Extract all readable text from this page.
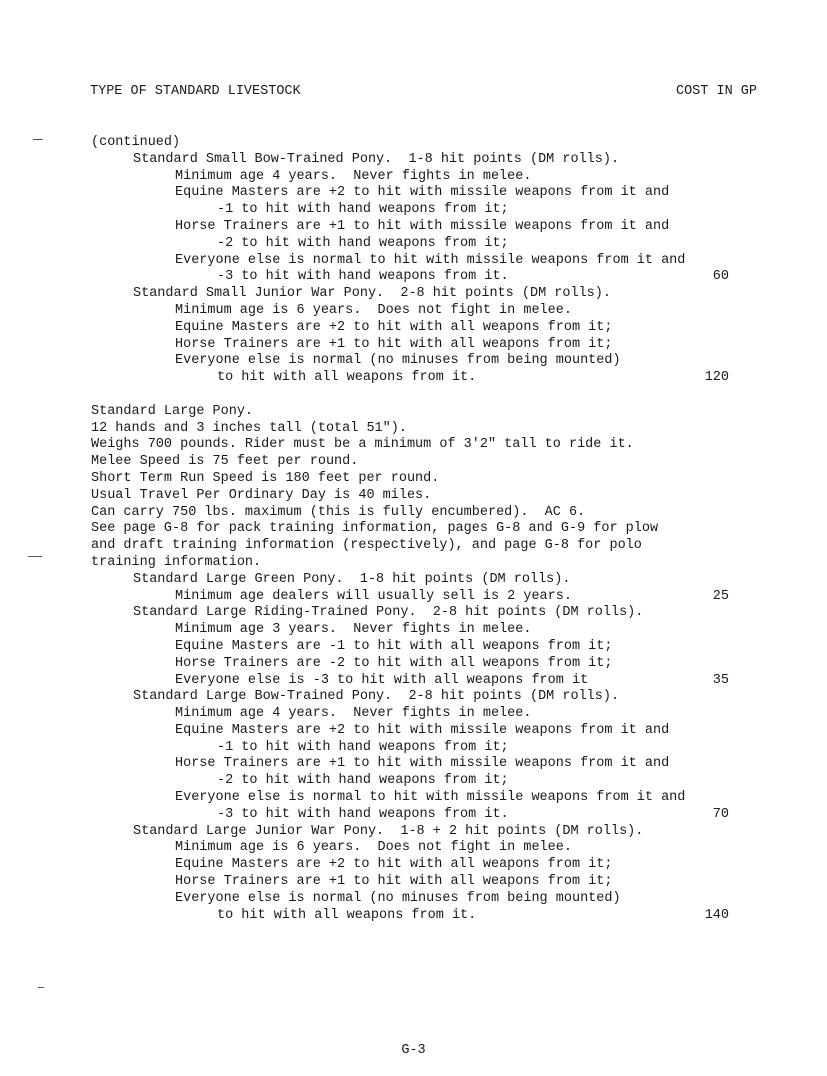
TYPE OF STANDARD LIVESTOCK	COST IN GP
(continued)
Standard Small Bow-Trained Pony.  1-8 hit points (DM rolls).
Minimum age 4 years.  Never fights in melee.
Equine Masters are +2 to hit with missile weapons from it and
-1 to hit with hand weapons from it;
Horse Trainers are +1 to hit with missile weapons from it and
-2 to hit with hand weapons from it;
Everyone else is normal to hit with missile weapons from it and
-3 to hit with hand weapons from it.	60
Standard Small Junior War Pony.  2-8 hit points (DM rolls).
Minimum age is 6 years.  Does not fight in melee.
Equine Masters are +2 to hit with all weapons from it;
Horse Trainers are +1 to hit with all weapons from it;
Everyone else is normal (no minuses from being mounted)
to hit with all weapons from it.	120
Standard Large Pony.
12 hands and 3 inches tall (total 51").
Weighs 700 pounds. Rider must be a minimum of 3'2" tall to ride it.
Melee Speed is 75 feet per round.
Short Term Run Speed is 180 feet per round.
Usual Travel Per Ordinary Day is 40 miles.
Can carry 750 lbs. maximum (this is fully encumbered).  AC 6.
See page G-8 for pack training information, pages G-8 and G-9 for plow
and draft training information (respectively), and page G-8 for polo
training information.
Standard Large Green Pony.  1-8 hit points (DM rolls).
Minimum age dealers will usually sell is 2 years.	25
Standard Large Riding-Trained Pony.  2-8 hit points (DM rolls).
Minimum age 3 years.  Never fights in melee.
Equine Masters are -1 to hit with all weapons from it;
Horse Trainers are -2 to hit with all weapons from it;
Everyone else is -3 to hit with all weapons from it	35
Standard Large Bow-Trained Pony.  2-8 hit points (DM rolls).
Minimum age 4 years.  Never fights in melee.
Equine Masters are +2 to hit with missile weapons from it and
-1 to hit with hand weapons from it;
Horse Trainers are +1 to hit with missile weapons from it and
-2 to hit with hand weapons from it;
Everyone else is normal to hit with missile weapons from it and
-3 to hit with hand weapons from it.	70
Standard Large Junior War Pony.  1-8 + 2 hit points (DM rolls).
Minimum age is 6 years.  Does not fight in melee.
Equine Masters are +2 to hit with all weapons from it;
Horse Trainers are +1 to hit with all weapons from it;
Everyone else is normal (no minuses from being mounted)
to hit with all weapons from it.	140
G-3
